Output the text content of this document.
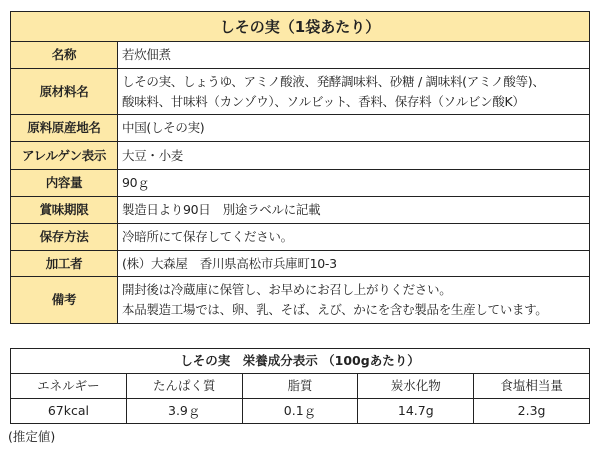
しその実（1袋あたり）	
名称	若炊佃煮

原材料名	しその実、しょうゆ、アミノ酸液、発酵調味料、砂糖 / 調味料(アミノ酸等)、
酸味料、甘味料（カンゾウ）、ソルビット、香料、保存料（ソルビン酸K）

原料原産地名	中国(しその実)

アレルゲン表示	大豆・小麦

内容量	90ｇ

賞味期限	製造日より90日　別途ラベルに記載

保存方法	冷暗所にて保存してください。

加工者	(株）大森屋　香川県高松市兵庫町10-3

備考	開封後は冷蔵庫に保管し、お早めにお召し上がりください。
本品製造工場では、卵、乳、そば、えび、かにを含む製品を生産しています。
しその実　栄養成分表示 （100gあたり）				
エネルギー	たんぱく質	脂質	炭水化物	食塩相当量
67kcal	3.9ｇ	0.1ｇ	14.7g	2.3g
(推定値)
